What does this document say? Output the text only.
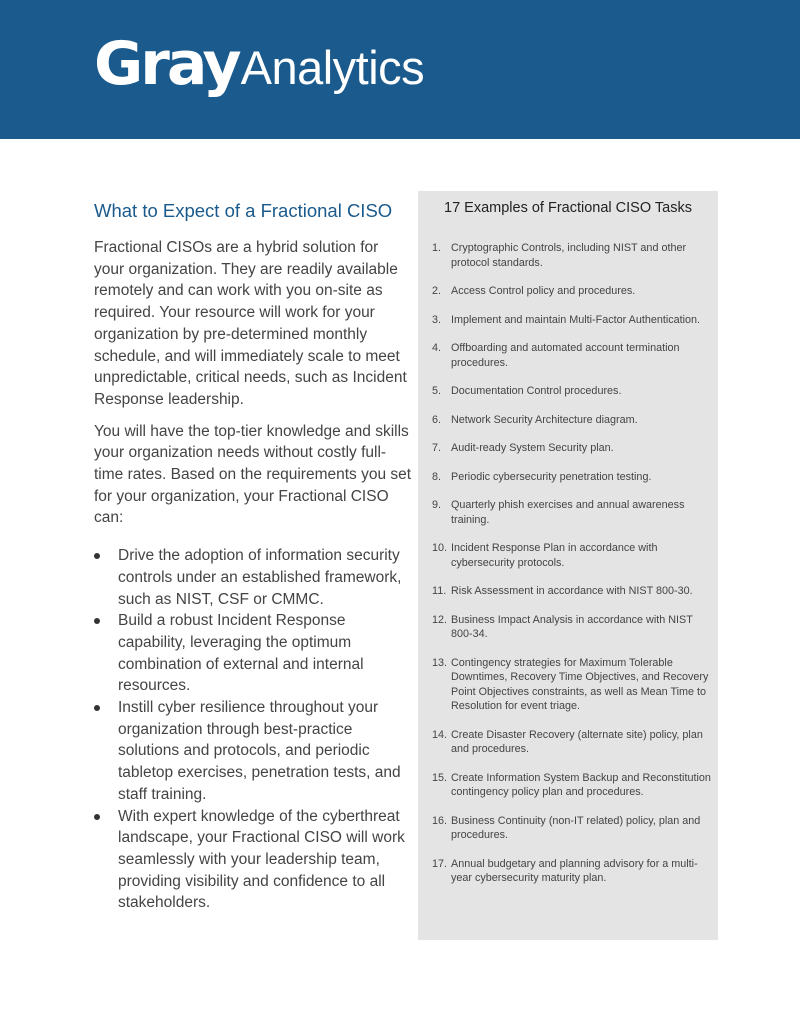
GrayAnalytics
What to Expect of a Fractional CISO

Fractional CISOs are a hybrid solution for your organization. They are readily available remotely and can work with you on-site as required. Your resource will work for your organization by pre-determined monthly schedule, and will immediately scale to meet unpredictable, critical needs, such as Incident Response leadership.

You will have the top-tier knowledge and skills your organization needs without costly full-time rates. Based on the requirements you set for your organization, your Fractional CISO can:

Drive the adoption of information security controls under an established framework, such as NIST, CSF or CMMC.
Build a robust Incident Response capability, leveraging the optimum combination of external and internal resources.
Instill cyber resilience throughout your organization through best-practice solutions and protocols, and periodic tabletop exercises, penetration tests, and staff training.
With expert knowledge of the cyberthreat landscape, your Fractional CISO will work seamlessly with your leadership team, providing visibility and confidence to all stakeholders.
17 Examples of Fractional CISO Tasks
1. Cryptographic Controls, including NIST and other protocol standards.
2. Access Control policy and procedures.
3. Implement and maintain Multi-Factor Authentication.
4. Offboarding and automated account termination procedures.
5. Documentation Control procedures.
6. Network Security Architecture diagram.
7. Audit-ready System Security plan.
8. Periodic cybersecurity penetration testing.
9. Quarterly phish exercises and annual awareness training.
10. Incident Response Plan in accordance with cybersecurity protocols.
11. Risk Assessment in accordance with NIST 800-30.
12. Business Impact Analysis in accordance with NIST 800-34.
13. Contingency strategies for Maximum Tolerable Downtimes, Recovery Time Objectives, and Recovery Point Objectives constraints, as well as Mean Time to Resolution for event triage.
14. Create Disaster Recovery (alternate site) policy, plan and procedures.
15. Create Information System Backup and Reconstitution contingency policy plan and procedures.
16. Business Continuity (non-IT related) policy, plan and procedures.
17. Annual budgetary and planning advisory for a multi-year cybersecurity maturity plan.
